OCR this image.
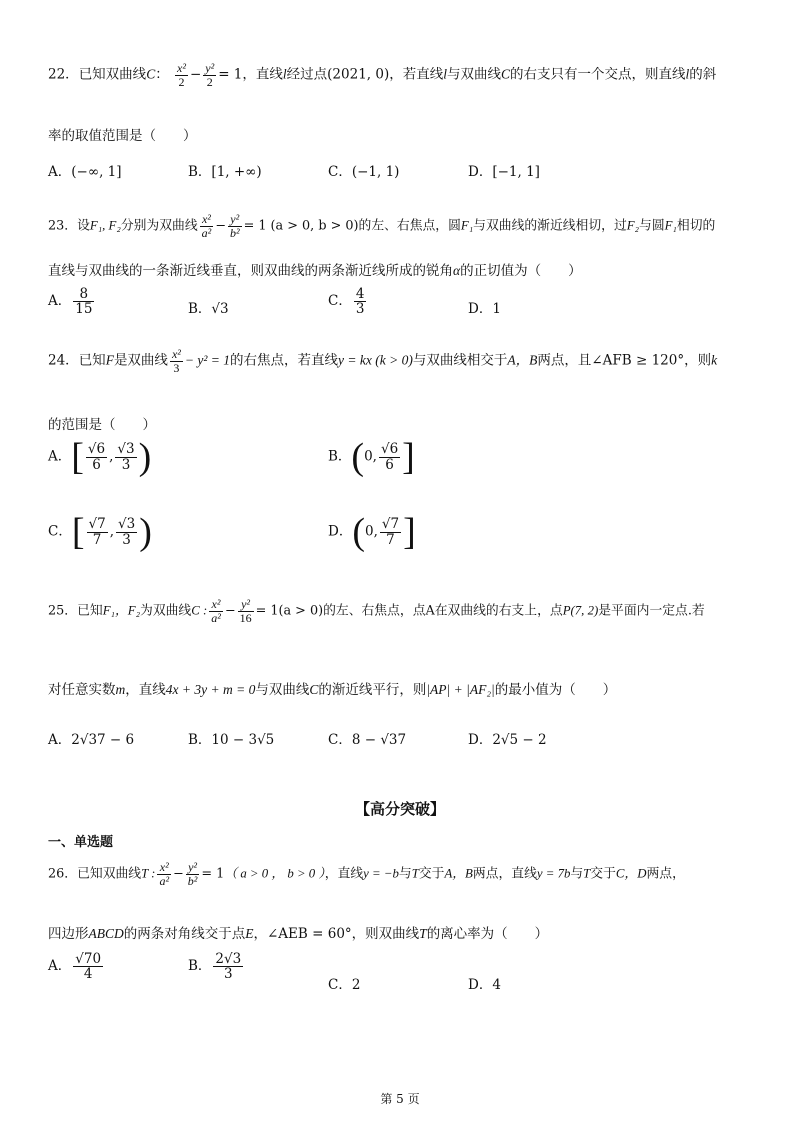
22．已知双曲线C： $\frac{\text{x²}}{2} - \frac{\text{y²}}{2} = 1$，直线l经过点(2021, 0)，若直线l与双曲线C的右支只有一个交点，则直线l的斜
率的取值范围是（　　）
A．(−∞, 1]	B．[1, +∞)	C．(−1, 1)	D．[−1, 1]
23．设F₁, F₂分别为双曲线 $\frac{\text{x²}}{\text{a²}} - \frac{\text{y²}}{\text{b²}} = 1$ (a > 0, b > 0)的左、右焦点，圆F₁与双曲线的渐近线相切，过F₂与圆F₁相切的
直线与双曲线的一条渐近线垂直，则双曲线的两条渐近线所成的锐角α的正切值为（　　）
A． $\frac{8}{15}$	B．√3	C． $\frac{4}{3}$	D．1
24．已知F是双曲线 $\frac{\text{x²}}{3} - y^2 = 1$的右焦点，若直线y = kx (k > 0)与双曲线相交于A，B两点，且∠AFB ≥ 120°，则k
的范围是（　　）
A．[ $\frac{√6}{6}$ , $\frac{√3}{3}$ )	B．(0, $\frac{√6}{6}$ ]
C．[ $\frac{√7}{7}$ , $\frac{√3}{3}$ )	D．(0, $\frac{√7}{7}$ ]
25．已知F₁，F₂为双曲线C : $\frac{\text{x²}}{\text{a²}} - \frac{\text{y²}}{16} = 1(a > 0)$的左、右焦点，点A在双曲线的右支上，点P(7, 2)是平面内一定点.若
对任意实数m，直线4x + 3y + m = 0与双曲线C的渐近线平行，则|AP| + |AF₂|的最小值为（　　）
A．2√37 − 6	B．10 − 3√5	C．8 − √37	D．2√5 − 2
【高分突破】
一、单选题
26．已知双曲线T : $\frac{\text{x²}}{\text{a²}} - \frac{\text{y²}}{\text{b²}} = 1$（ a > 0 ， b > 0 ），直线y = −b与T交于A，B两点，直线y = 7b与T交于C，D两点，
四边形ABCD的两条对角线交于点E，∠AEB = 60°，则双曲线T的离心率为（　　）
A． $\frac{√70}{4}$	B． $\frac{2√3}{3}$
C．2	D．4
第 5 页
